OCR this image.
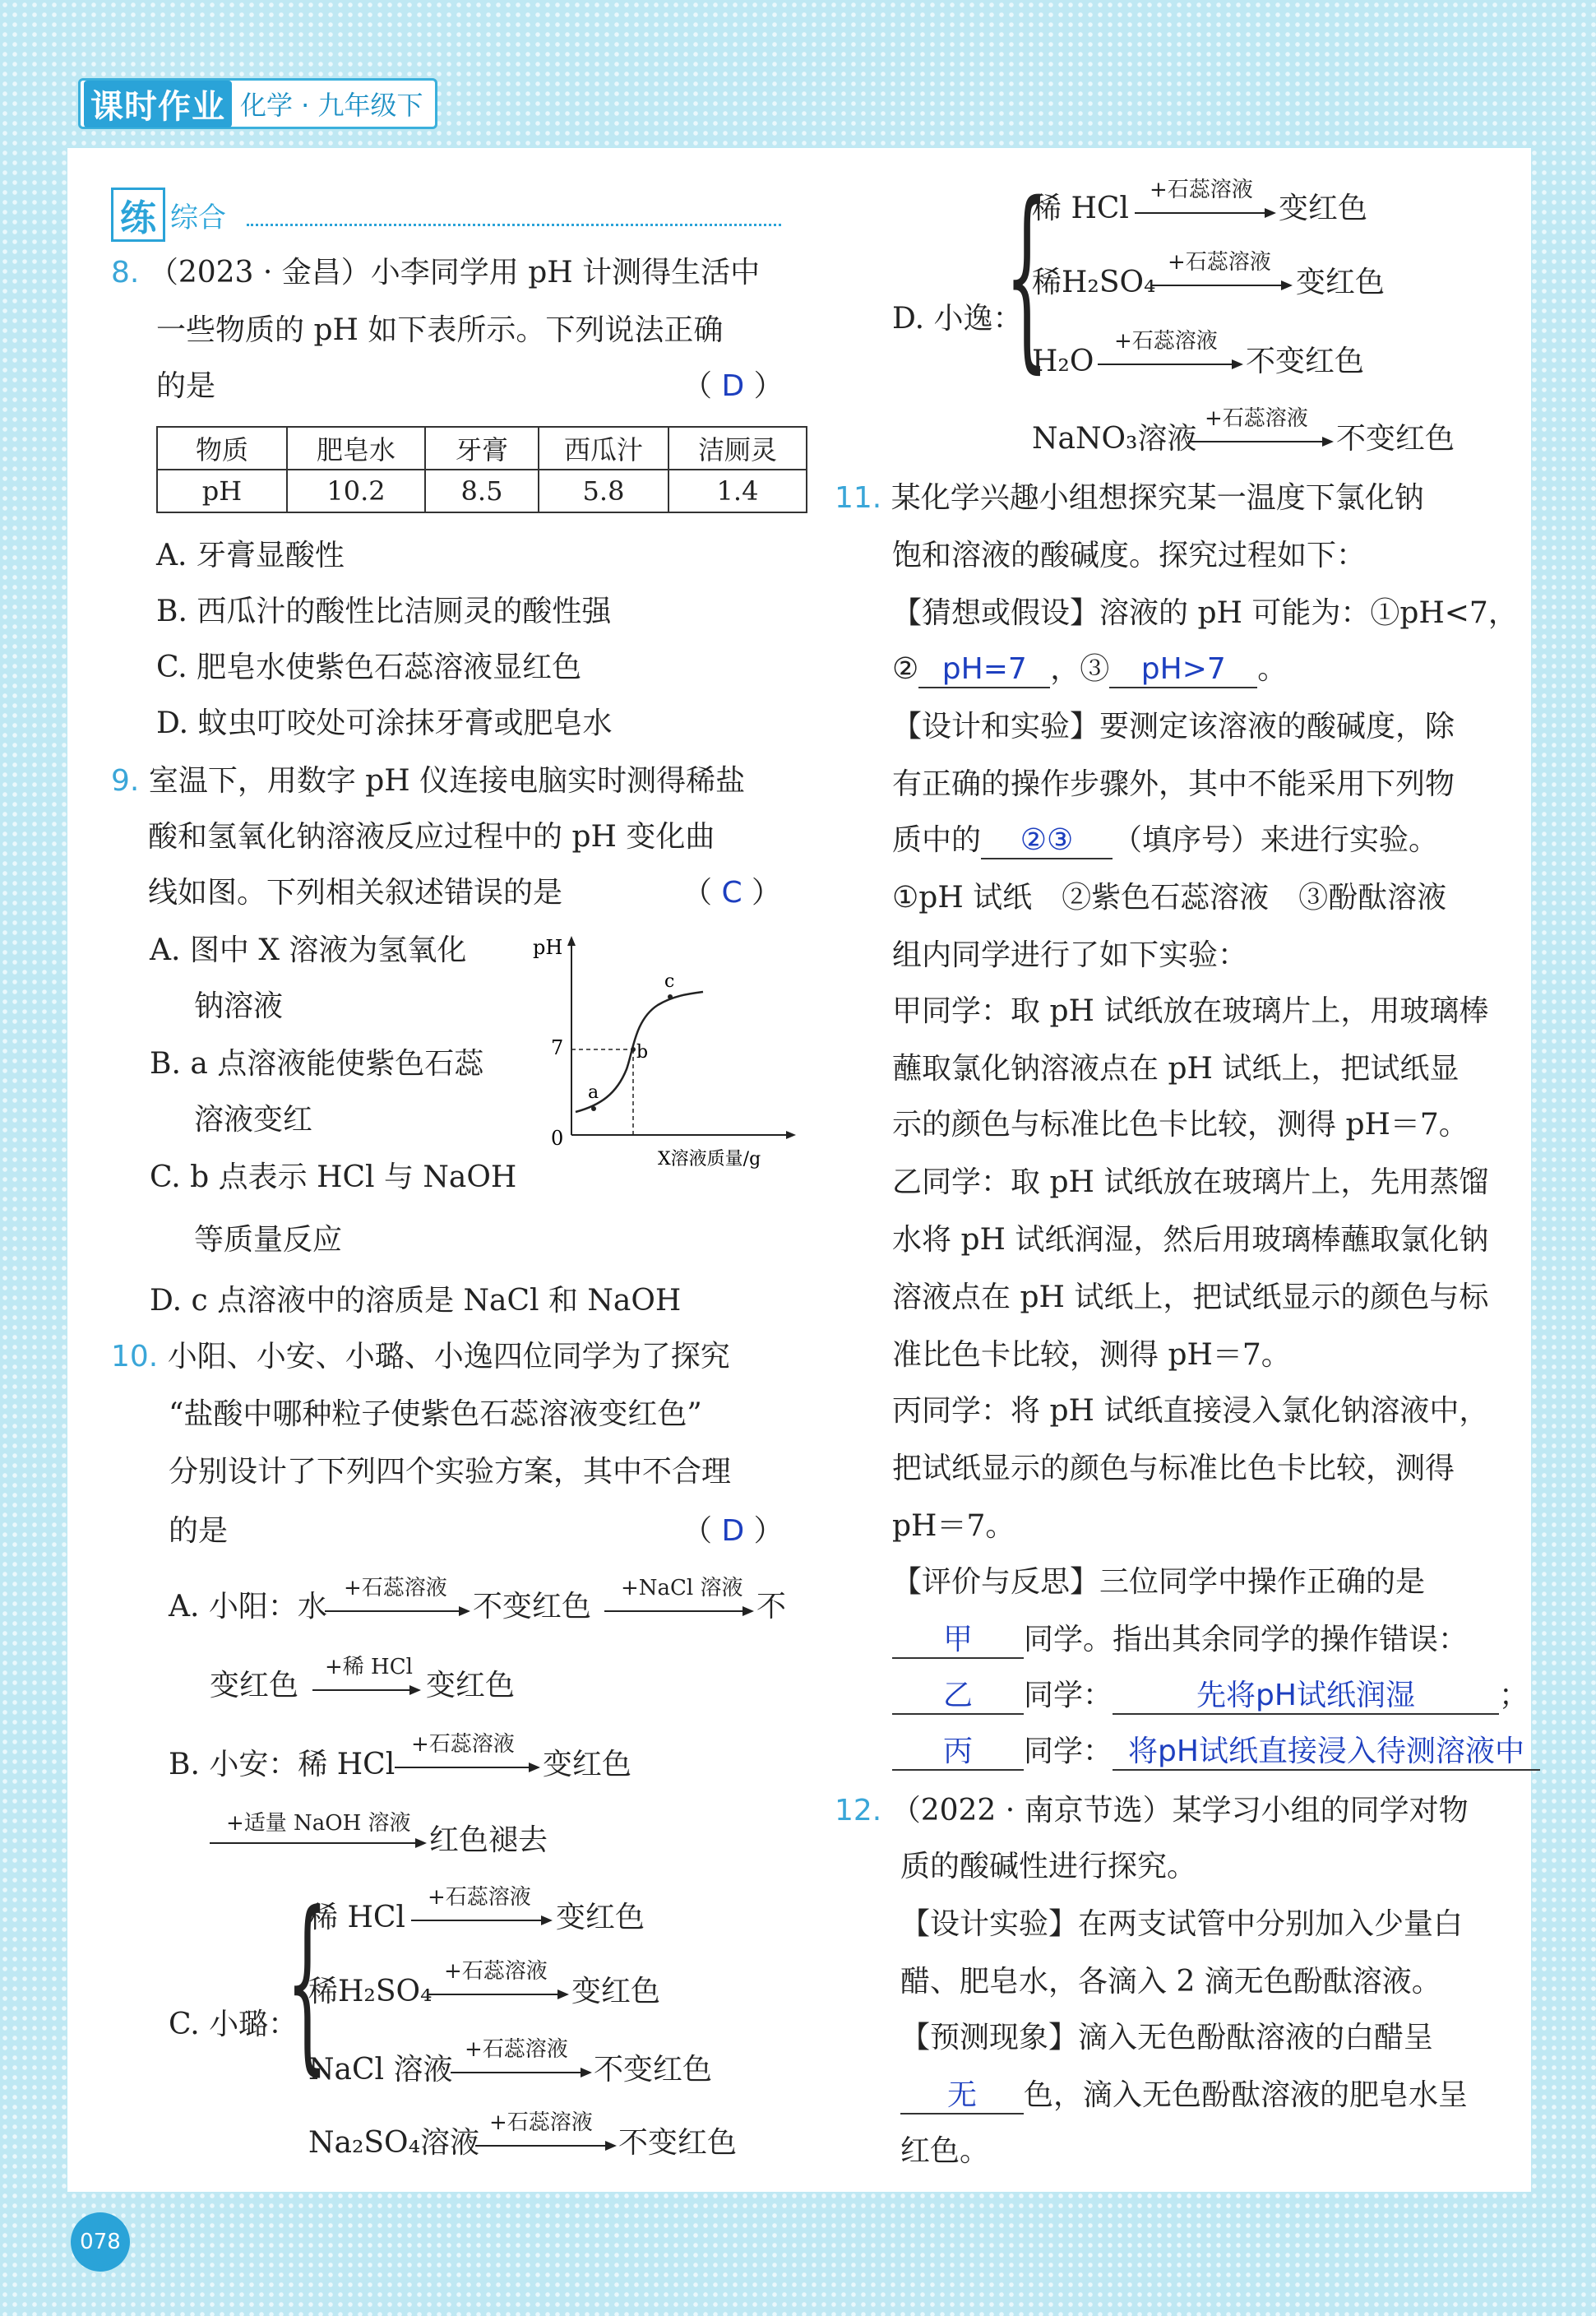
课时作业 化学 · 九年级下
练 综合
8. （2023 · 金昌）小李同学用 pH 计测得生活中
一些物质的 pH 如下表所示。下列说法正确
的是	（ D ）
物质	肥皂水	牙膏	西瓜汁	洁厕灵
pH	10.2	8.5	5.8	1.4
A. 牙膏显酸性
B. 西瓜汁的酸性比洁厕灵的酸性强
C. 肥皂水使紫色石蕊溶液显红色
D. 蚊虫叮咬处可涂抹牙膏或肥皂水
9. 室温下，用数字 pH 仪连接电脑实时测得稀盐
酸和氢氧化钠溶液反应过程中的 pH 变化曲
线如图。下列相关叙述错误的是	（ C ）
A. 图中 X 溶液为氢氧化
钠溶液
B. a 点溶液能使紫色石蕊
溶液变红
C. b 点表示 HCl 与 NaOH
等质量反应
D. c 点溶液中的溶质是 NaCl 和 NaOH
pH
7
0
X溶液质量/g
a
b
c
10. 小阳、小安、小璐、小逸四位同学为了探究
“盐酸中哪种粒子使紫色石蕊溶液变红色”
分别设计了下列四个实验方案，其中不合理
的是	（ D ）
A. 小阳：水
+石蕊溶液
不变红色
+NaCl 溶液
不
变红色
+稀 HCl
变红色
B. 小安：稀 HCl
+石蕊溶液
变红色
+适量 NaOH 溶液 红色褪去
C. 小璐：
{
稀 HCl
+石蕊溶液
变红色
稀H₂SO₄
+石蕊溶液
变红色
NaCl 溶液
+石蕊溶液
不变红色
Na₂SO₄溶液
+石蕊溶液
不变红色
D. 小逸：
{
稀 HCl
+石蕊溶液
变红色
稀H₂SO₄
+石蕊溶液
变红色
H₂O
+石蕊溶液
不变红色
NaNO₃溶液
+石蕊溶液
不变红色
11. 某化学兴趣小组想探究某一温度下氯化钠
饱和溶液的酸碱度。探究过程如下：
【猜想或假设】溶液的 pH 可能为：①pH<7，
② pH=7 ，③ pH>7 。
【设计和实验】要测定该溶液的酸碱度，除
有正确的操作步骤外，其中不能采用下列物
质中的 ②③ （填序号）来进行实验。
①pH 试纸　②紫色石蕊溶液　③酚酞溶液
组内同学进行了如下实验：
甲同学：取 pH 试纸放在玻璃片上，用玻璃棒
蘸取氯化钠溶液点在 pH 试纸上，把试纸显
示的颜色与标准比色卡比较，测得 pH＝7。
乙同学：取 pH 试纸放在玻璃片上，先用蒸馏
水将 pH 试纸润湿，然后用玻璃棒蘸取氯化钠
溶液点在 pH 试纸上，把试纸显示的颜色与标
准比色卡比较，测得 pH＝7。
丙同学：将 pH 试纸直接浸入氯化钠溶液中，
把试纸显示的颜色与标准比色卡比较，测得
pH＝7。
【评价与反思】三位同学中操作正确的是
甲 同学。指出其余同学的操作错误：
乙 同学：	先将pH试纸润湿	；
丙 同学： 将pH试纸直接浸入待测溶液中
12. （2022 · 南京节选）某学习小组的同学对物
质的酸碱性进行探究。
【设计实验】在两支试管中分别加入少量白
醋、肥皂水，各滴入 2 滴无色酚酞溶液。
【预测现象】滴入无色酚酞溶液的白醋呈
无 色，滴入无色酚酞溶液的肥皂水呈
红色。
078
